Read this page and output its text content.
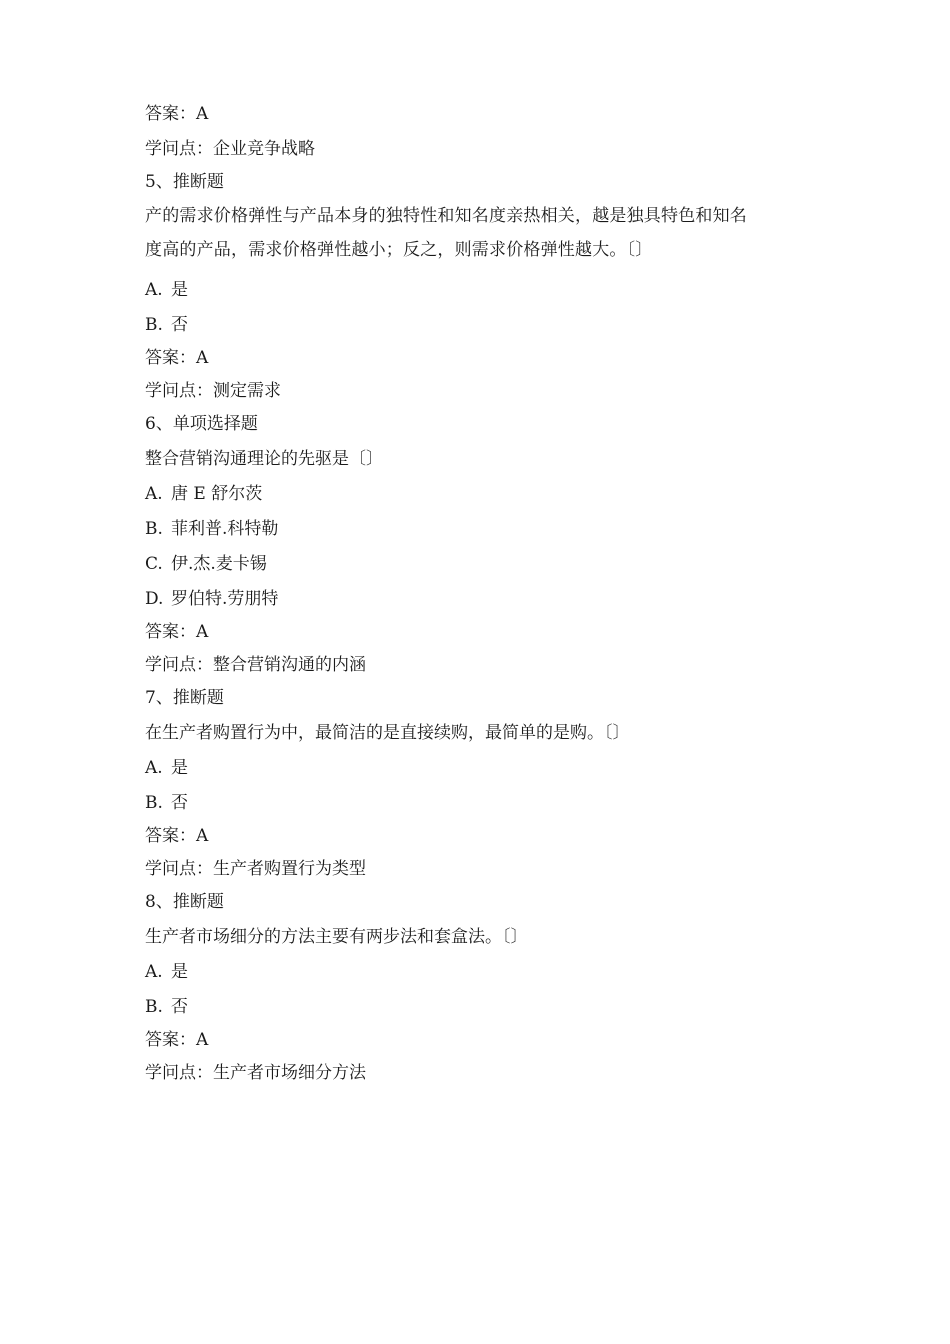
答案：A

学问点：企业竞争战略

5、推断题

产的需求价格弹性与产品本身的独特性和知名度亲热相关，越是独具特色和知名

度高的产品，需求价格弹性越小；反之，则需求价格弹性越大。〔〕

A. 是

B. 否

答案：A

学问点：测定需求

6、单项选择题

整合营销沟通理论的先驱是〔〕

A. 唐 E 舒尔茨

B. 菲利普.科特勒

C. 伊.杰.麦卡锡

D. 罗伯特.劳朋特

答案：A

学问点：整合营销沟通的内涵

7、推断题

在生产者购置行为中，最简洁的是直接续购，最简单的是购。〔〕

A. 是

B. 否

答案：A

学问点：生产者购置行为类型

8、推断题

生产者市场细分的方法主要有两步法和套盒法。〔〕

A. 是

B. 否

答案：A

学问点：生产者市场细分方法
